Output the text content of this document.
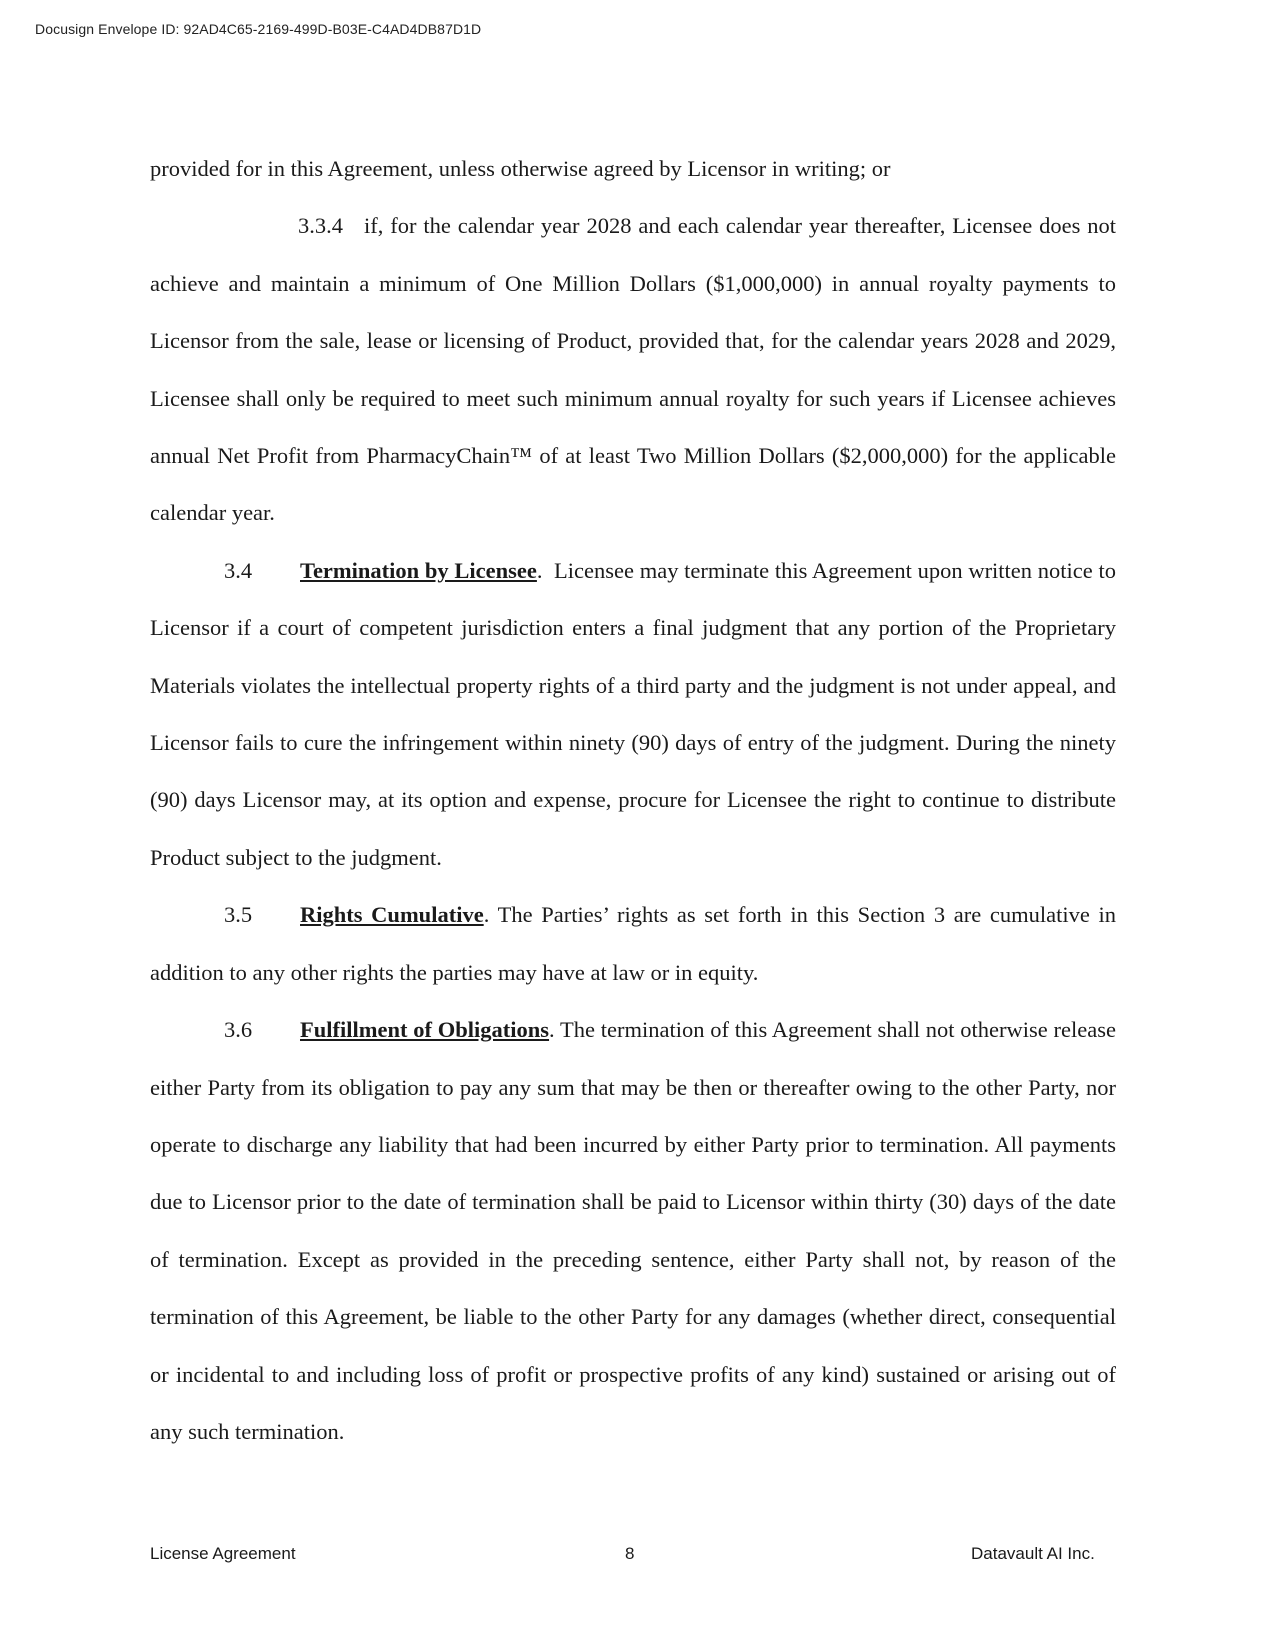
Docusign Envelope ID: 92AD4C65-2169-499D-B03E-C4AD4DB87D1D

provided for in this Agreement, unless otherwise agreed by Licensor in writing; or

3.3.4 if, for the calendar year 2028 and each calendar year thereafter, Licensee does not achieve and maintain a minimum of One Million Dollars ($1,000,000) in annual royalty payments to Licensor from the sale, lease or licensing of Product, provided that, for the calendar years 2028 and 2029, Licensee shall only be required to meet such minimum annual royalty for such years if Licensee achieves annual Net Profit from PharmacyChain™ of at least Two Million Dollars ($2,000,000) for the applicable calendar year.

3.4 Termination by Licensee.  Licensee may terminate this Agreement upon written notice to Licensor if a court of competent jurisdiction enters a final judgment that any portion of the Proprietary Materials violates the intellectual property rights of a third party and the judgment is not under appeal, and Licensor fails to cure the infringement within ninety (90) days of entry of the judgment. During the ninety (90) days Licensor may, at its option and expense, procure for Licensee the right to continue to distribute Product subject to the judgment.

3.5 Rights Cumulative. The Parties’ rights as set forth in this Section 3 are cumulative in addition to any other rights the parties may have at law or in equity.

3.6 Fulfillment of Obligations. The termination of this Agreement shall not otherwise release either Party from its obligation to pay any sum that may be then or thereafter owing to the other Party, nor operate to discharge any liability that had been incurred by either Party prior to termination. All payments due to Licensor prior to the date of termination shall be paid to Licensor within thirty (30) days of the date of termination. Except as provided in the preceding sentence, either Party shall not, by reason of the termination of this Agreement, be liable to the other Party for any damages (whether direct, consequential or incidental to and including loss of profit or prospective profits of any kind) sustained or arising out of any such termination.

License Agreement	8	Datavault AI Inc.
